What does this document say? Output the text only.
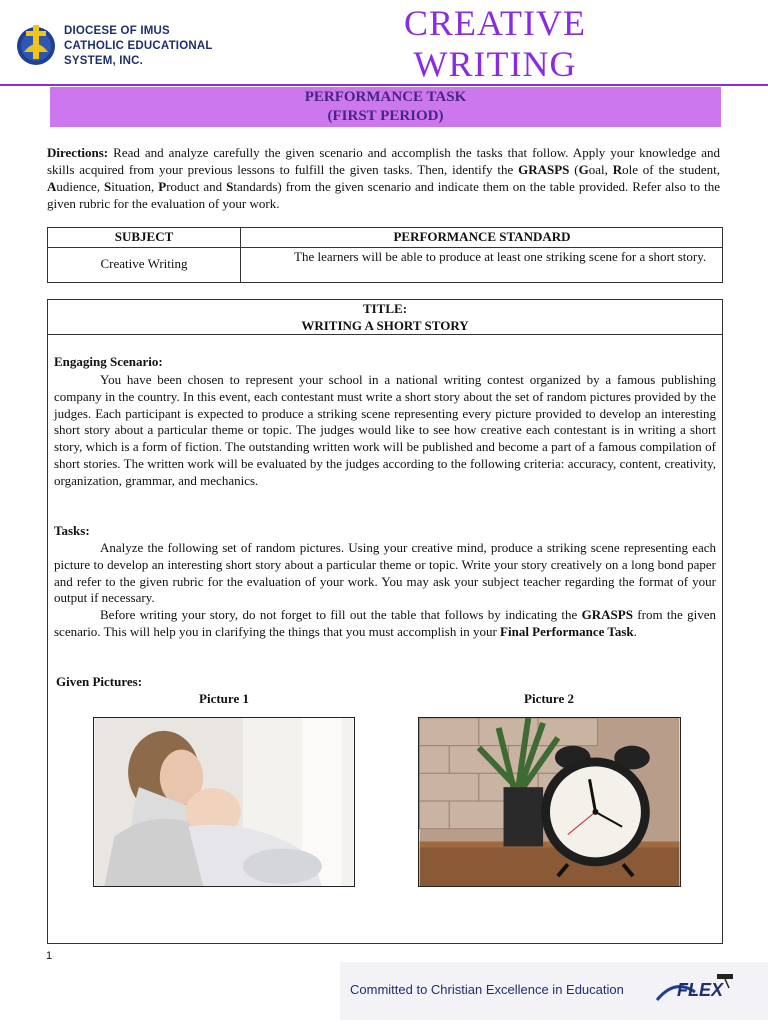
DIOCESE OF IMUS
CATHOLIC EDUCATIONAL
SYSTEM, INC.
CREATIVE
WRITING
PERFORMANCE TASK
(FIRST PERIOD)
Directions: Read and analyze carefully the given scenario and accomplish the tasks that follow. Apply your knowledge and skills acquired from your previous lessons to fulfill the given tasks. Then, identify the GRASPS (Goal, Role of the student, Audience, Situation, Product and Standards) from the given scenario and indicate them on the table provided. Refer also to the given rubric for the evaluation of your work.
SUBJECT	PERFORMANCE STANDARD
Creative Writing	The learners will be able to produce at least one striking scene for a short story.
TITLE:
WRITING A SHORT STORY
Engaging Scenario:
You have been chosen to represent your school in a national writing contest organized by a famous publishing company in the country. In this event, each contestant must write a short story about the set of random pictures provided by the judges. Each participant is expected to produce a striking scene representing every picture provided to develop an interesting short story about a particular theme or topic. The judges would like to see how creative each contestant is in writing a short story, which is a form of fiction. The outstanding written work will be published and become a part of a famous compilation of short stories. The written work will be evaluated by the judges according to the following criteria: accuracy, content, creativity, organization, grammar, and mechanics.
Tasks:
Analyze the following set of random pictures. Using your creative mind, produce a striking scene representing each picture to develop an interesting short story about a particular theme or topic. Write your story creatively on a long bond paper and refer to the given rubric for the evaluation of your work. You may ask your subject teacher regarding the format of your output if necessary.
Before writing your story, do not forget to fill out the table that follows by indicating the GRASPS from the given scenario. This will help you in clarifying the things that you must accomplish in your Final Performance Task.
Given Pictures:
Picture 1	Picture 2
1
Committed to Christian Excellence in Education	FLEX
